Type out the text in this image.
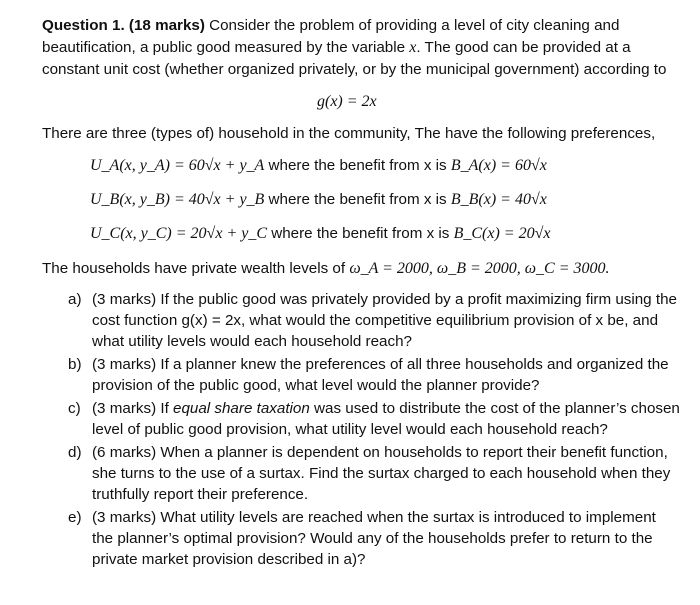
Question 1. (18 marks) Consider the problem of providing a level of city cleaning and
beautification, a public good measured by the variable x. The good can be provided at a
constant unit cost (whether organized privately, or by the municipal government) according to
g(x) = 2x
There are three (types of) household in the community, The have the following preferences,
U_A(x, y_A) = 60√x + y_A where the benefit from x is B_A(x) = 60√x
U_B(x, y_B) = 40√x + y_B where the benefit from x is B_B(x) = 40√x
U_C(x, y_C) = 20√x + y_C where the benefit from x is B_C(x) = 20√x
The households have private wealth levels of ω_A = 2000, ω_B = 2000, ω_C = 3000.
a) (3 marks) If the public good was privately provided by a profit maximizing firm using the
cost function g(x) = 2x, what would the competitive equilibrium provision of x be, and
what utility levels would each household reach?
b) (3 marks) If a planner knew the preferences of all three households and organized the
provision of the public good, what level would the planner provide?
c) (3 marks) If equal share taxation was used to distribute the cost of the planner’s chosen
level of public good provision, what utility level would each household reach?
d) (6 marks) When a planner is dependent on households to report their benefit function,
she turns to the use of a surtax. Find the surtax charged to each household when they
truthfully report their preference.
e) (3 marks) What utility levels are reached when the surtax is introduced to implement
the planner’s optimal provision? Would any of the households prefer to return to the
private market provision described in a)?
